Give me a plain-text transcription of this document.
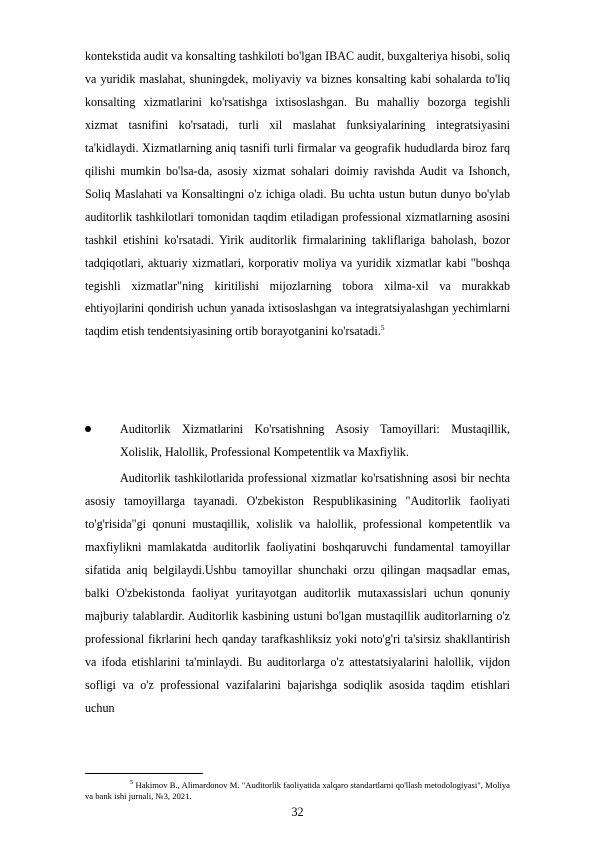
kontekstida audit va konsalting tashkiloti bo'lgan IBAC audit, buxgalteriya hisobi, soliq va yuridik maslahat, shuningdek, moliyaviy va biznes konsalting kabi sohalarda to'liq konsalting xizmatlarini ko'rsatishga ixtisoslashgan. Bu mahalliy bozorga tegishli xizmat tasnifini ko'rsatadi, turli xil maslahat funksiyalarining integratsiyasini ta'kidlaydi. Xizmatlarning aniq tasnifi turli firmalar va geografik hududlarda biroz farq qilishi mumkin bo'lsa-da, asosiy xizmat sohalari doimiy ravishda Audit va Ishonch, Soliq Maslahati va Konsaltingni o'z ichiga oladi. Bu uchta ustun butun dunyo bo'ylab auditorlik tashkilotlari tomonidan taqdim etiladigan professional xizmatlarning asosini tashkil etishini ko'rsatadi. Yirik auditorlik firmalarining takliflariga baholash, bozor tadqiqotlari, aktuariy xizmatlari, korporativ moliya va yuridik xizmatlar kabi "boshqa tegishli xizmatlar"ning kiritilishi mijozlarning tobora xilma-xil va murakkab ehtiyojlarini qondirish uchun yanada ixtisoslashgan va integratsiyalashgan yechimlarni taqdim etish tendentsiyasining ortib borayotganini ko'rsatadi.$^5$
Auditorlik Xizmatlarini Ko'rsatishning Asosiy Tamoyillari: Mustaqillik, Xolislik, Halollik, Professional Kompetentlik va Maxfiylik.
Auditorlik tashkilotlarida professional xizmatlar ko'rsatishning asosi bir nechta asosiy tamoyillarga tayanadi. O'zbekiston Respublikasining "Auditorlik faoliyati to'g'risida"gi qonuni mustaqillik, xolislik va halollik, professional kompetentlik va maxfiylikni mamlakatda auditorlik faoliyatini boshqaruvchi fundamental tamoyillar sifatida aniq belgilaydi.Ushbu tamoyillar shunchaki orzu qilingan maqsadlar emas, balki O'zbekistonda faoliyat yuritayotgan auditorlik mutaxassislari uchun qonuniy majburiy talablardir. Auditorlik kasbining ustuni bo'lgan mustaqillik auditorlarning o'z professional fikrlarini hech qanday tarafkashliksiz yoki noto'g'ri ta'sirsiz shakllantirish va ifoda etishlarini ta'minlaydi. Bu auditorlarga o'z attestatsiyalarini halollik, vijdon sofligi va o'z professional vazifalarini bajarishga sodiqlik asosida taqdim etishlari uchun
$^5$ Hakimov B., Alimardonov M. "Auditorlik faoliyatida xalqaro standartlarni qo'llash metodologiyasi", Moliya va bank ishi jurnali, №3, 2021.
32
